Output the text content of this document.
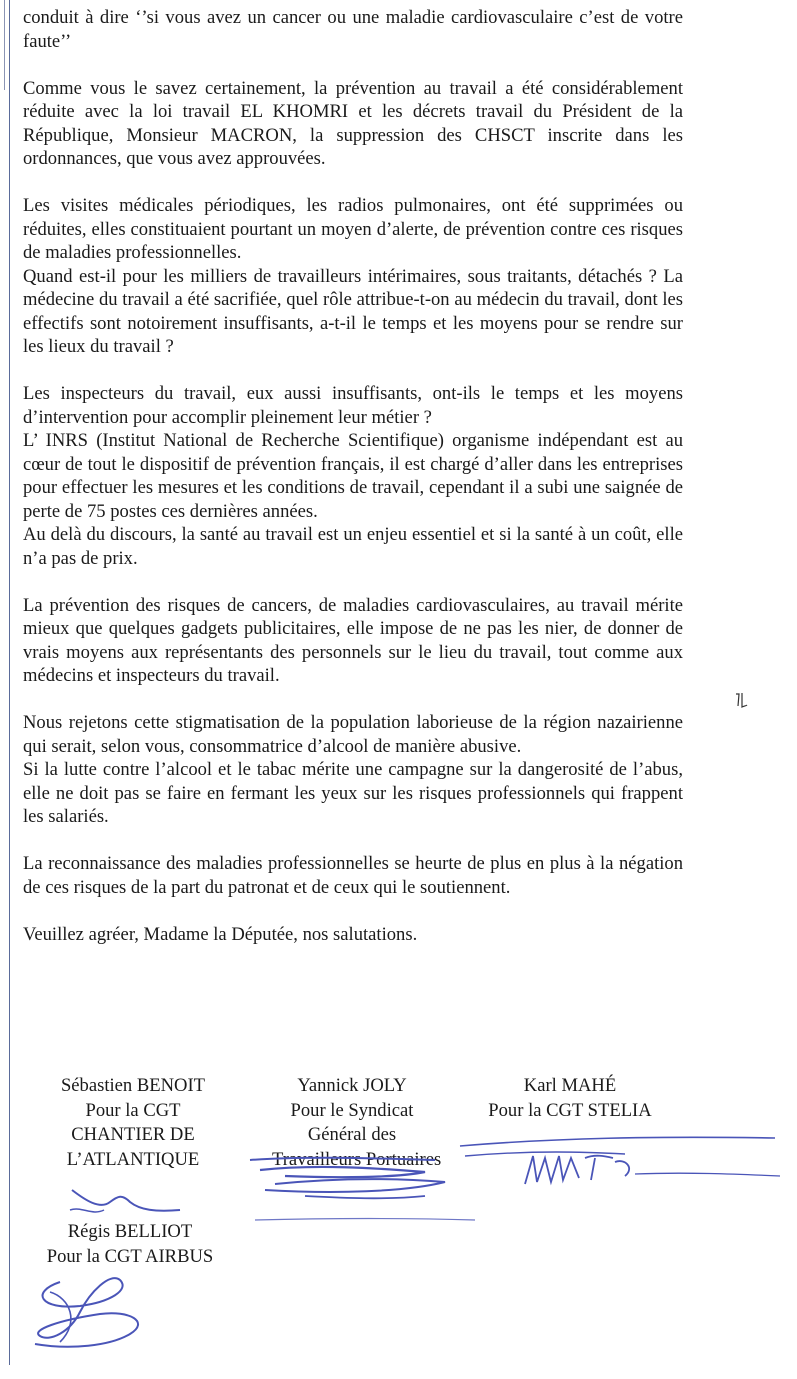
conduit à dire ‘’si vous avez un cancer ou une maladie cardiovasculaire c’est de votre faute’’

Comme vous le savez certainement, la prévention au travail a été considérablement réduite avec la loi travail EL KHOMRI et les décrets travail du Président de la République, Monsieur MACRON, la suppression des CHSCT inscrite dans les ordonnances, que vous avez approuvées.

Les visites médicales périodiques, les radios pulmonaires, ont été supprimées ou réduites, elles constituaient pourtant un moyen d’alerte, de prévention contre ces risques de maladies professionnelles.

Quand est-il pour les milliers de travailleurs intérimaires, sous traitants, détachés ? La médecine du travail a été sacrifiée, quel rôle attribue-t-on au médecin du travail, dont les effectifs sont notoirement insuffisants, a-t-il le temps et les moyens pour se rendre sur les lieux du travail ?

Les inspecteurs du travail, eux aussi insuffisants, ont-ils le temps et les moyens d’intervention pour accomplir pleinement leur métier ?

L’ INRS (Institut National de Recherche Scientifique) organisme indépendant est au cœur de tout le dispositif de prévention français, il est chargé d’aller dans les entreprises pour effectuer les mesures et les conditions de travail, cependant il a subi une saignée de perte de 75 postes ces dernières années.

Au delà du discours, la santé au travail est un enjeu essentiel et si la santé à un coût, elle n’a pas de prix.

La prévention des risques de cancers, de maladies cardiovasculaires, au travail mérite mieux que quelques gadgets publicitaires, elle impose de ne pas les nier, de donner de vrais moyens aux représentants des personnels sur le lieu du travail, tout comme aux médecins et inspecteurs du travail.

Nous rejetons cette stigmatisation de la population laborieuse de la région nazairienne qui serait, selon vous, consommatrice d’alcool de manière abusive.

Si la lutte contre l’alcool et le tabac mérite une campagne sur la dangerosité de l’abus, elle ne doit pas se faire en fermant les yeux sur les risques professionnels qui frappent les salariés.

La reconnaissance des maladies professionnelles se heurte de plus en plus à la négation de ces risques de la part du patronat et de ceux qui le soutiennent.

Veuillez agréer, Madame la Députée, nos salutations.

Sébastien BENOIT
Pour la CGT
CHANTIER DE
L’ATLANTIQUE
Yannick JOLY
Pour le Syndicat
Général des
Travailleurs Portuaires
Karl MAHÉ
Pour la CGT STELIA
Régis BELLIOT
Pour la CGT AIRBUS
